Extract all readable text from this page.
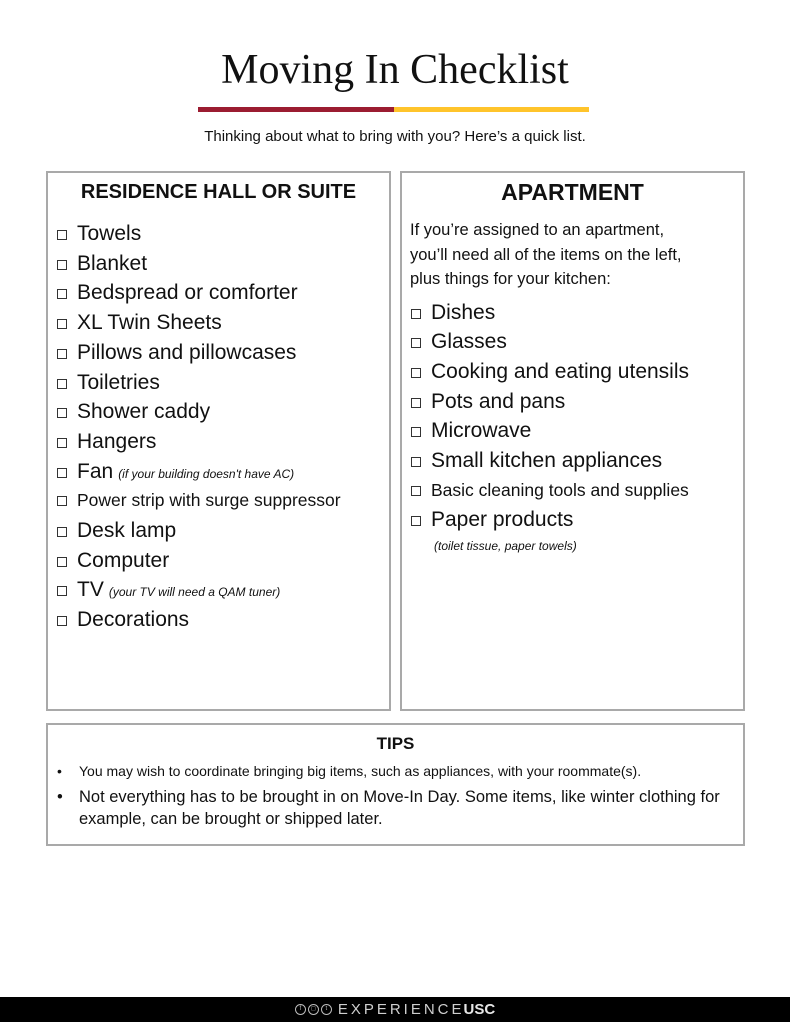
Moving In Checklist
Thinking about what to bring with you? Here’s a quick list.
RESIDENCE HALL OR SUITE
Towels
Blanket
Bedspread or comforter
XL Twin Sheets
Pillows and pillowcases
Toiletries
Shower caddy
Hangers
Fan (if your building doesn't have AC)
Power strip with surge suppressor
Desk lamp
Computer
TV (your TV will need a QAM tuner)
Decorations
APARTMENT
If you’re assigned to an apartment,
you’ll need all of the items on the left,
plus things for your kitchen:
Dishes
Glasses
Cooking and eating utensils
Pots and pans
Microwave
Small kitchen appliances
Basic cleaning tools and supplies
Paper products
(toilet tissue, paper towels)
TIPS
• You may wish to coordinate bringing big items, such as appliances, with your roommate(s).
• Not everything has to be brought in on Move-In Day. Some items, like winter clothing for example, can be brought or shipped later.
f	◻	t EXPERIENCE USC
